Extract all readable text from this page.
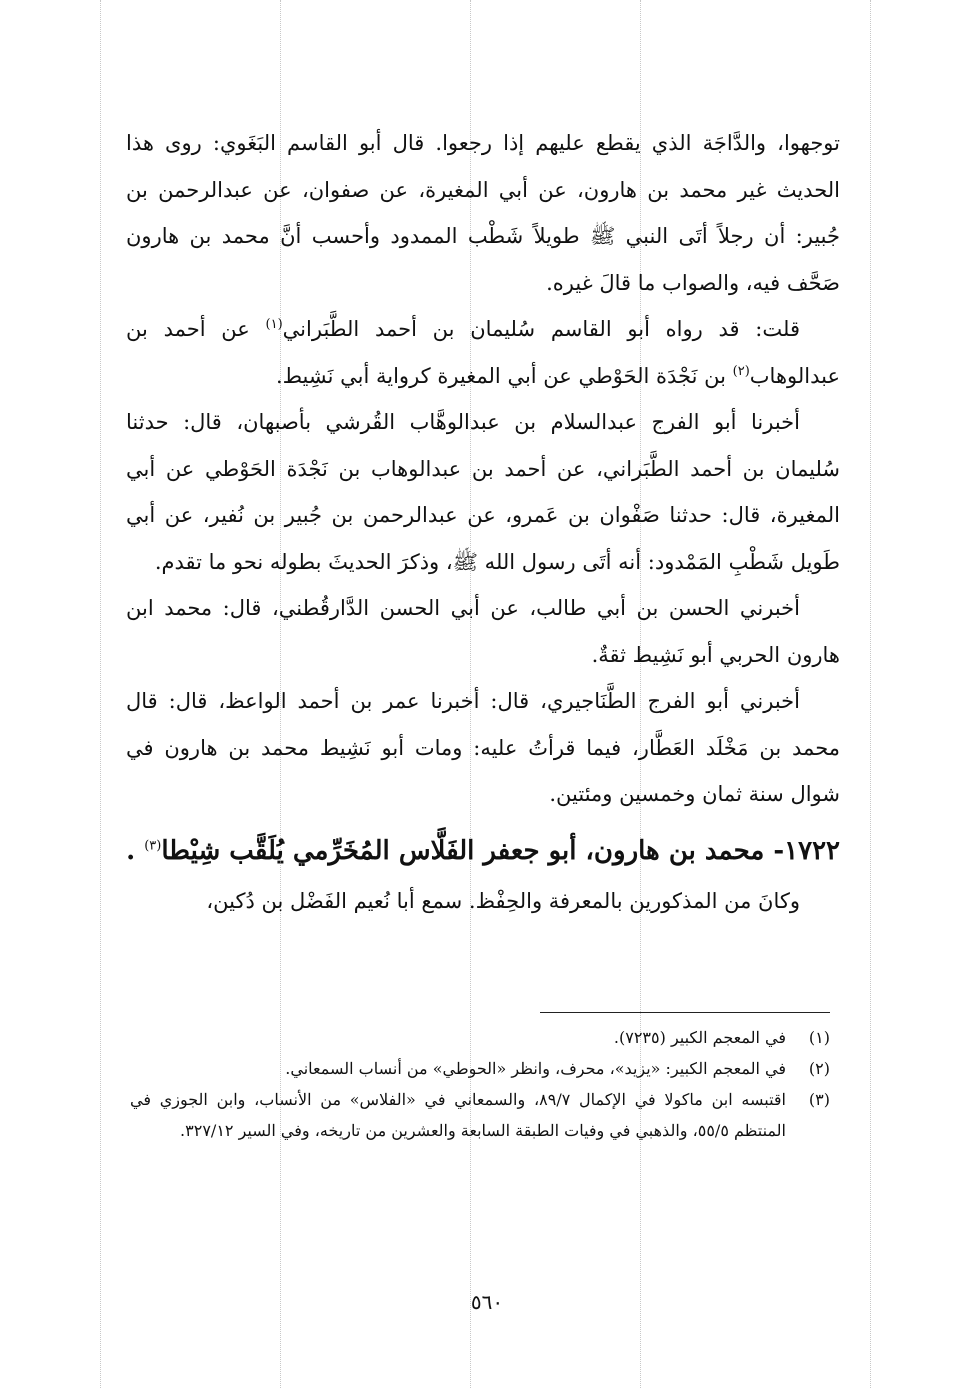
توجهوا، والدَّاجَة الذي يقطع عليهم إذا رجعوا. قال أبو القاسم البَغَوي: روى هذا الحديث غير محمد بن هارون، عن أبي المغيرة، عن صفوان، عن عبدالرحمن بن جُبير: أن رجلاً أتَى النبي ﷺ طويلاً شَطْب الممدود وأحسب أنَّ محمد بن هارون صَحَّف فيه، والصواب ما قالَ غيره.

قلت: قد رواه أبو القاسم سُليمان بن أحمد الطَّبَراني$^{(١)}$ عن أحمد بن عبدالوهاب$^{(٢)}$ بن نَجْدَة الحَوْطي عن أبي المغيرة كرواية أبي نَشِيط.

أخبرنا أبو الفرج عبدالسلام بن عبدالوهَّاب القُرشي بأصبهان، قال: حدثنا سُليمان بن أحمد الطَّبَراني، عن أحمد بن عبدالوهاب بن نَجْدَة الحَوْطي عن أبي المغيرة، قال: حدثنا صَفْوان بن عَمرو، عن عبدالرحمن بن جُبير بن نُفير، عن أبي طَويل شَطْبِ المَمْدود: أنه أتَى رسول الله ﷺ، وذكرَ الحديثَ بطوله نحو ما تقدم.

أخبرني الحسن بن أبي طالب، عن أبي الحسن الدَّارقُطني، قال: محمد ابن هارون الحربي أبو نَشِيط ثقةٌ.

أخبرني أبو الفرج الطَّنَاجيري، قال: أخبرنا عمر بن أحمد الواعظ، قال: قال محمد بن مَخْلَد العَطَّار، فيما قرأتُ عليه: ومات أبو نَشِيط محمد بن هارون في شوال سنة ثمان وخمسين ومئتين.

١٧٢٢- محمد بن هارون، أبو جعفر الفَلَّاس المُخَرِّمي يُلَقَّب شِيْطا$^{(٣)}$ .

وكانَ من المذكورين بالمعرفة والحِفْظ. سمع أبا نُعيم الفَضْل بن دُكين،

(١)
في المعجم الكبير (٧٢٣٥).
(٢)
في المعجم الكبير: «يزيد»، محرف، وانظر «الحوطي» من أنساب السمعاني.
(٣)
اقتبسه ابن ماكولا في الإكمال ٨٩/٧، والسمعاني في «الفلاس» من الأنساب، وابن الجوزي في المنتظم ٥٥/٥، والذهبي في وفيات الطبقة السابعة والعشرين من تاريخه، وفي السير ٣٢٧/١٢.
٥٦٠
